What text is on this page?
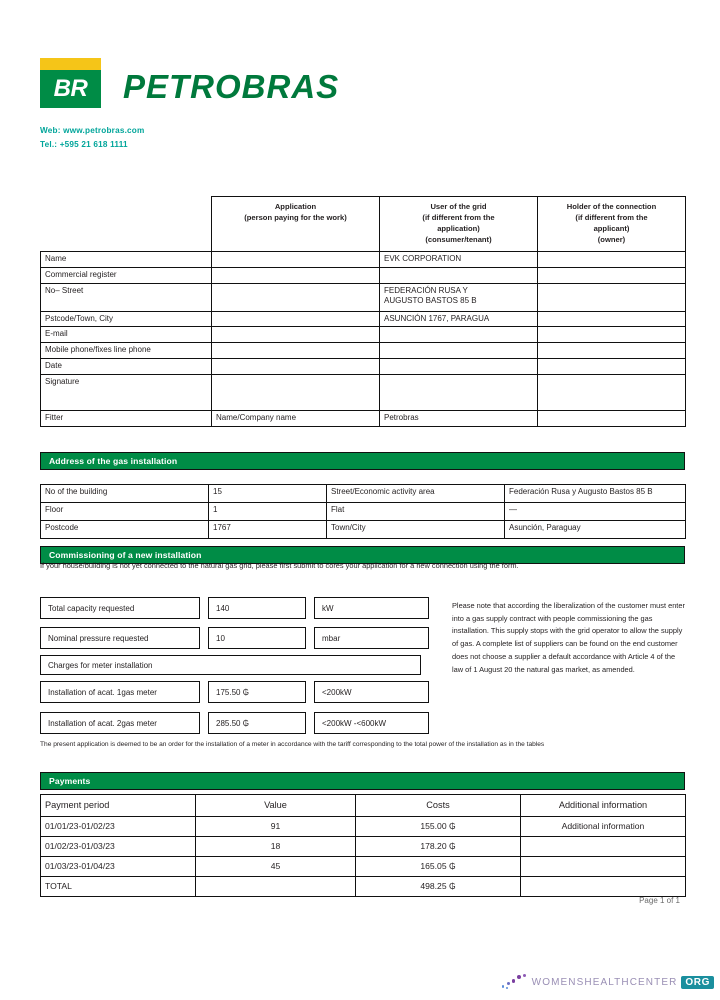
BR PETROBRAS
Web: www.petrobras.com
Tel.: +595 21 618 1111

Application
(person paying for the work)

User of the grid
(if different from the
application)
(consumer/tenant)

Holder of the connection
(if different from the
applicant)
(owner)

Name		EVK CORPORATION	
Commercial register			
No– Street		FEDERACIÓN RUSA Y
AUGUSTO BASTOS 85 B	

Pstcode/Town, City		ASUNCIÓN 1767, PARAGUA	
E-mail			
Mobile phone/fixes line phone			
Date			
Signature			
Fitter	Name/Company name	Petrobras	
Address of the gas installation
No of the building	15	Street/Economic activity area	Federación Rusa y Augusto Bastos 85 B
Floor	1	Flat	—
Postcode	1767	Town/City	Asunción, Paraguay
Commissioning of a new installation
If your house/building is not yet connected to the natural gas grid, please first submit to cores your application for a new connection using the form.
Total capacity requested	140	kW
Nominal pressure requested	10	mbar
Charges for meter installation
Installation of acat. 1gas meter	175.50 ₲	<200kW
Installation of acat. 2gas meter	285.50 ₲	<200kW -<600kW
Please note that according the liberalization of the customer must enter into a gas supply contract with people commissioning the gas installation. This supply stops with the grid operator to allow the supply of gas. A complete list of suppliers can be found on the end customer does not choose a supplier a default accordance with Article 4 of the law of 1 August 20 the natural gas market, as amended.
The present application is deemed to be an order for the installation of a meter in accordance with the tariff corresponding to the total power of the installation as in the tables
Payments
Payment period	Value	Costs	Additional information
01/01/23-01/02/23	91	155.00 ₲	Additional information
01/02/23-01/03/23	18	178.20 ₲	
01/03/23-01/04/23	45	165.05 ₲	
TOTAL		498.25 ₲	
Page 1 of 1
WOMENSHEALTHCENTER ORG
